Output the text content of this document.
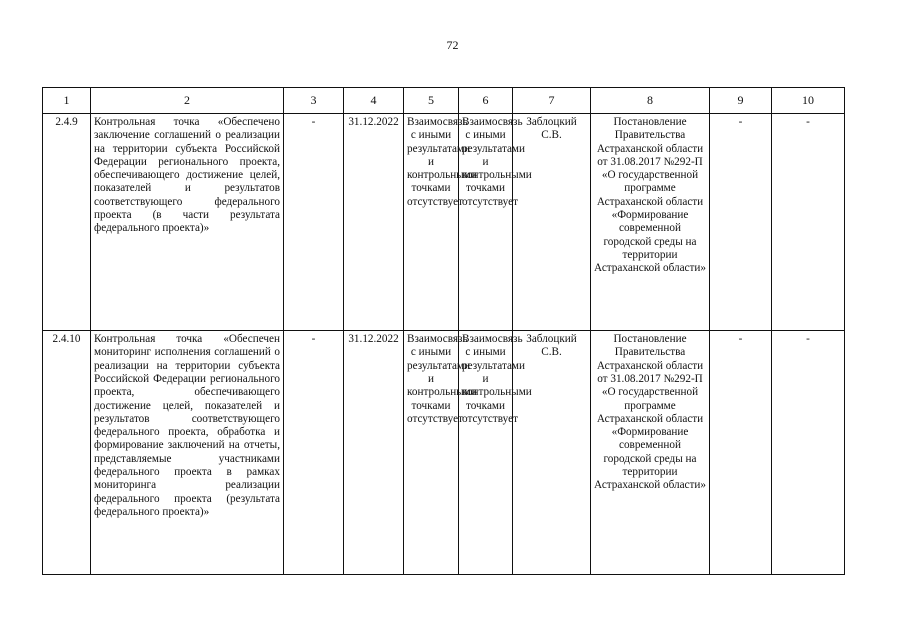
72
1	2	3	4	5	6	7	8	9	10
2.4.9	Контрольная точка «Обеспечено заключение соглашений о реализации на территории субъекта Российской Федерации регионального проекта, обеспечивающего достижение целей, показателей и результатов соответствующего федерального проекта (в части результата федерального проекта)»	-	31.12.2022	Взаимосвязь с иными результатами и контрольными точками отсутствует	Взаимосвязь с иными результатами и контрольными точками отсутствует	Заблоцкий С.В.	Постановление Правительства Астраханской области от 31.08.2017 №292-П «О государственной программе Астраханской области «Формирование современной городской среды на территории Астраханской области»	-	-
2.4.10	Контрольная точка «Обеспечен мониторинг исполнения соглашений о реализации на территории субъекта Российской Федерации регионального проекта, обеспечивающего достижение целей, показателей и результатов соответствующего федерального проекта, обработка и формирование заключений на отчеты, представляемые участниками федерального проекта в рамках мониторинга реализации федерального проекта (результата федерального проекта)»	-	31.12.2022	Взаимосвязь с иными результатами и контрольными точками отсутствует	Взаимосвязь с иными результатами и контрольными точками отсутствует	Заблоцкий С.В.	Постановление Правительства Астраханской области от 31.08.2017 №292-П «О государственной программе Астраханской области «Формирование современной городской среды на территории Астраханской области»	-	-
